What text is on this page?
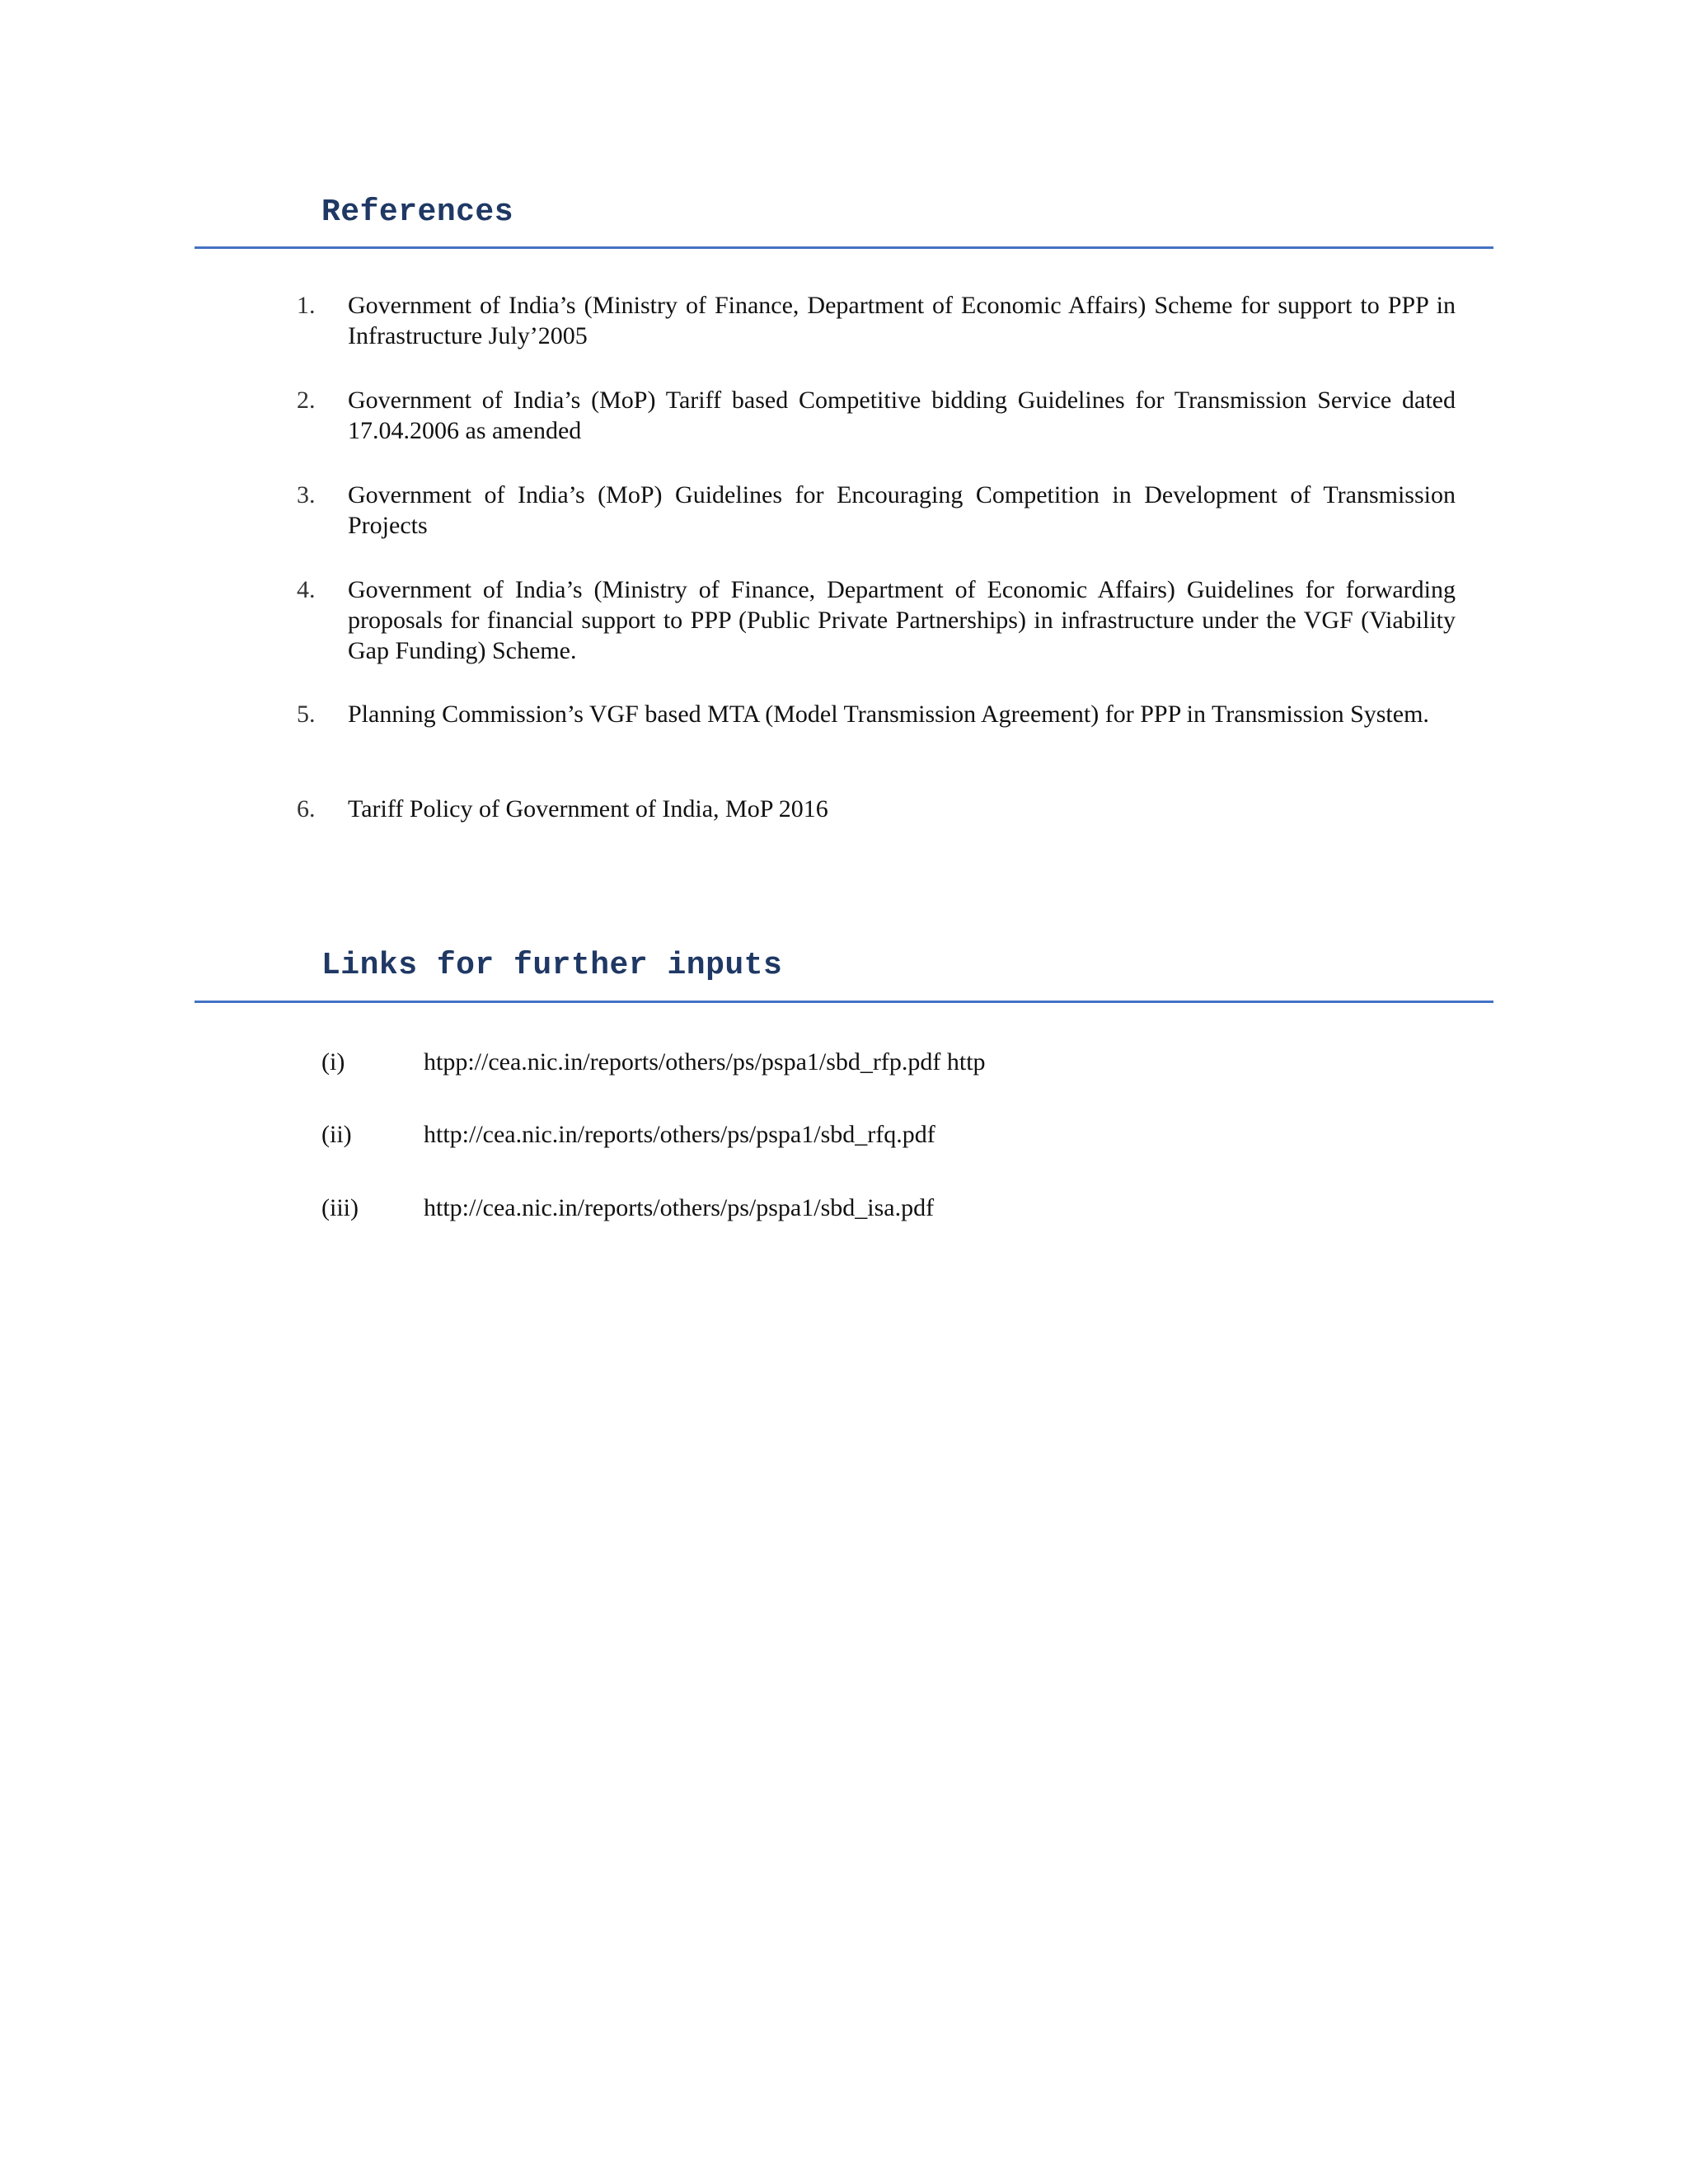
References
1.	Government of India’s (Ministry of Finance, Department of Economic Affairs) Scheme for support to PPP in Infrastructure July’2005
2.	Government of India’s (MoP) Tariff based Competitive bidding Guidelines for Transmission Service dated 17.04.2006 as amended
3.	Government of India’s (MoP) Guidelines for Encouraging Competition in Development of Transmission Projects
4.	Government of India’s (Ministry of Finance, Department of Economic Affairs) Guidelines for forwarding proposals for financial support to PPP (Public Private Partnerships) in infrastructure under the VGF (Viability Gap Funding) Scheme.
5.	Planning Commission’s VGF based MTA (Model Transmission Agreement) for PPP in Transmission System.
6.	Tariff Policy of Government of India, MoP 2016
Links for further inputs
(i)	htpp://cea.nic.in/reports/others/ps/pspa1/sbd_rfp.pdf http
(ii)	http://cea.nic.in/reports/others/ps/pspa1/sbd_rfq.pdf
(iii)	http://cea.nic.in/reports/others/ps/pspa1/sbd_isa.pdf
